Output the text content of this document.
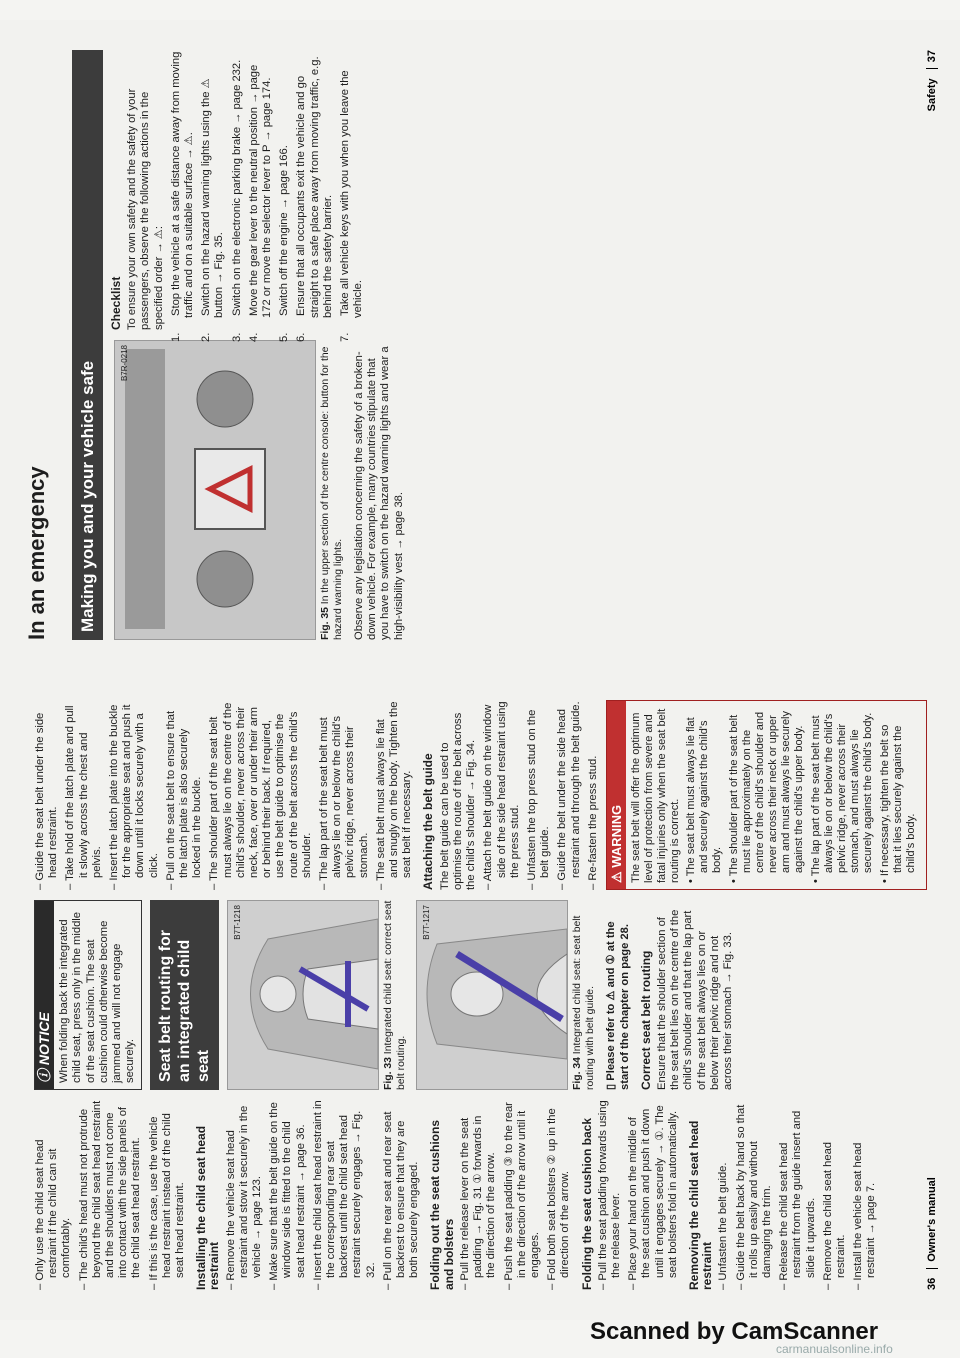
– Only use the child seat head restraint if the child can sit comfortably. – The child's head must not protrude beyond the child seat head restraint and the shoulders must not come into contact with the side panels of the child seat head restraint. – If this is the case, use the vehicle head restraint instead of the child seat head restraint. Installing the child seat head restraint – Remove the vehicle seat head restraint and stow it securely in the vehicle → page 123. – Make sure that the belt guide on the window side is fitted to the child seat head restraint → page 36. – Insert the child seat head restraint in the corresponding rear seat backrest until the child seat head restraint securely engages → Fig. 32. – Pull on the rear seat and rear seat backrest to ensure that they are both securely engaged. Folding out the seat cushions and bolsters – Pull the release lever on the seat padding → Fig. 31 ① forwards in the direction of the arrow. – Push the seat padding ③ to the rear in the direction of the arrow until it engages. – Fold both seat bolsters ② up in the direction of the arrow. Folding the seat cushion back – Pull the seat padding forwards using the release lever. – Place your hand on the middle of the seat cushion and push it down until it engages securely → ①. The seat bolsters fold in automatically. Removing the child seat head restraint – Unfasten the belt guide. – Guide the belt back by hand so that it rolls up easily and without damaging the trim. – Release the child seat head restraint from the guide insert and slide it upwards. – Remove the child seat head restraint. – Install the vehicle seat head restraint → page 7.

ⓘ NOTICE When folding back the integrated child seat, press only in the middle of the seat cushion. The seat cushion could otherwise become jammed and will not engage securely.	Seat belt routing for an integrated child seat
B7T-1218
Fig. 33 Integrated child seat: correct seat belt routing.
B7T-1217
Fig. 34 Integrated child seat: seat belt routing with belt guide. ▯ Please refer to ⚠ and ① at the start of the chapter on page 28. Correct seat belt routing Ensure that the shoulder section of the seat belt lies on the centre of the child's shoulder and that the lap part of the seat belt always lies on or below their pelvic ridge and not across their stomach → Fig. 33.

– Guide the seat belt under the side head restraint. – Take hold of the latch plate and pull it slowly across the chest and pelvis. – Insert the latch plate into the buckle for the appropriate seat and push it down until it locks securely with a click. – Pull on the seat belt to ensure that the latch plate is also securely locked in the buckle. – The shoulder part of the seat belt must always lie on the centre of the child's shoulder, never across their neck, face, over or under their arm or behind their back. If required, use the belt guide to optimise the route of the belt across the child's shoulder. – The lap part of the seat belt must always lie on or below the child's pelvic ridge, never across their stomach. – The seat belt must always lie flat and snugly on the body. Tighten the seat belt if necessary. Attaching the belt guide The belt guide can be used to optimise the route of the belt across the child's shoulder → Fig. 34. – Attach the belt guide on the window side of the side head restraint using the press stud. – Unfasten the top press stud on the belt guide. – Guide the belt under the side head restraint and through the belt guide. – Re-fasten the press stud. ⚠ WARNING The seat belt will offer the optimum level of protection from severe and fatal injuries only when the seat belt routing is correct. • The seat belt must always lie flat and securely against the child's body. • The shoulder part of the seat belt must lie approximately on the centre of the child's shoulder and never across their neck or upper arm and must always lie securely against the child's upper body. • The lap part of the seat belt must always lie on or below the child's pelvic ridge, never across their stomach, and must always lie securely against the child's body. • If necessary, tighten the belt so that it lies securely against the child's body.

36 Owner's manual
In an emergency	Making you and your vehicle safe	B7R-0218
Fig. 35 In the upper section of the centre console: button for the hazard warning lights. Observe any legislation concerning the safety of a broken-down vehicle. For example, many countries stipulate that you have to switch on the hazard warning lights and wear a high-visibility vest → page 38.

Checklist To ensure your own safety and the safety of your passengers, observe the following actions in the specified order → ⚠:

1.Stop the vehicle at a safe distance away from moving traffic and on a suitable surface → ⚠.

2.Switch on the hazard warning lights using the ⚠ button → Fig. 35.

3.Switch on the electronic parking brake → page 232.

4.Move the gear lever to the neutral position → page 172 or move the selector lever to P → page 174.

5.Switch off the engine → page 166.

6.Ensure that all occupants exit the vehicle and go straight to a safe place away from moving traffic, e.g. behind the safety barrier.

7.Take all vehicle keys with you when you leave the vehicle.

Safety 37
Scanned by CamScanner
carmanualsonline.info
